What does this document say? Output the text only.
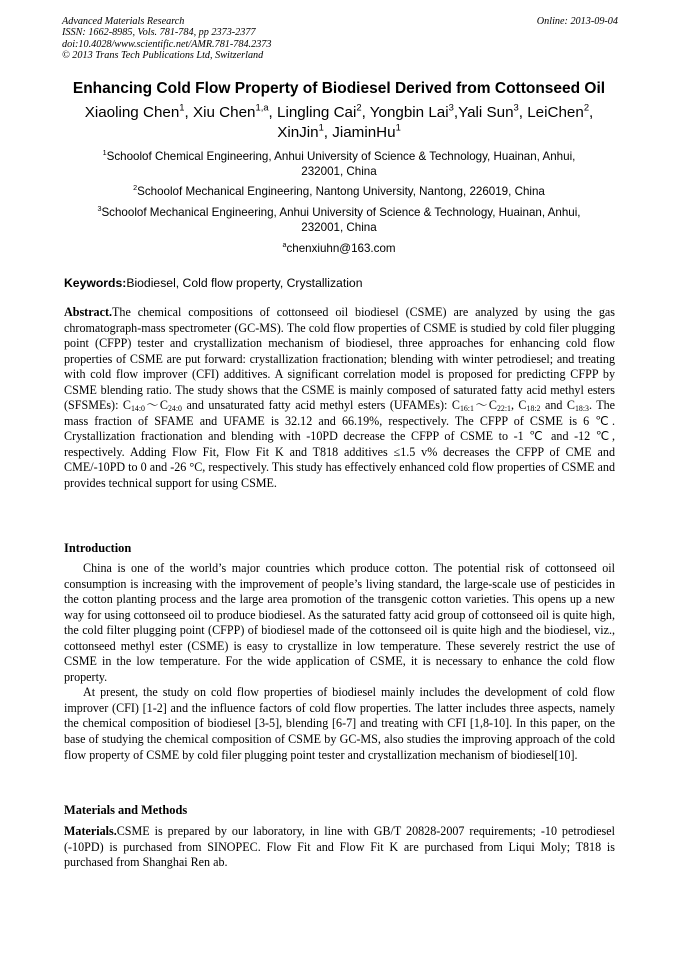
Advanced Materials Research
ISSN: 1662-8985, Vols. 781-784, pp 2373-2377
doi:10.4028/www.scientific.net/AMR.781-784.2373
© 2013 Trans Tech Publications Ltd, Switzerland
Online: 2013-09-04
Enhancing Cold Flow Property of Biodiesel Derived from Cottonseed Oil
Xiaoling Chen$^1$, Xiu Chen$^{1,a}$, Lingling Cai$^2$, Yongbin Lai$^3$,Yali Sun$^3$, LeiChen$^2$,
XinJin$^1$, JiaminHu$^1$
$^1$Schoolof Chemical Engineering, Anhui University of Science & Technology, Huainan, Anhui,
232001, China
$^2$Schoolof Mechanical Engineering, Nantong University, Nantong, 226019, China
$^3$Schoolof Mechanical Engineering, Anhui University of Science & Technology, Huainan, Anhui,
232001, China
$^a$chenxiuhn@163.com
Keywords:Biodiesel, Cold flow property, Crystallization
Abstract.The chemical compositions of cottonseed oil biodiesel (CSME) are analyzed by using the gas chromatograph-mass spectrometer (GC-MS). The cold flow properties of CSME is studied by cold filer plugging point (CFPP) tester and crystallization mechanism of biodiesel, three approaches for enhancing cold flow properties of CSME are put forward: crystallization fractionation; blending with winter petrodiesel; and treating with cold flow improver (CFI) additives. A significant correlation model is proposed for predicting CFPP by CSME blending ratio. The study shows that the CSME is mainly composed of saturated fatty acid methyl esters (SFSMEs): $C_{14:0}\sim C_{24:0}$ and unsaturated fatty acid methyl esters (UFAMEs): $C_{16:1}\sim C_{22:1}$, $C_{18:2}$ and $C_{18:3}$. The mass fraction of SFAME and UFAME is 32.12 and 66.19%, respectively. The CFPP of CSME is 6 ℃. Crystallization fractionation and blending with -10PD decrease the CFPP of CSME to -1 ℃ and -12 ℃, respectively. Adding Flow Fit, Flow Fit K and T818 additives ≤1.5 v% decreases the CFPP of CME and CME/-10PD to 0 and -26 °C, respectively. This study has effectively enhanced cold flow properties of CSME and provides technical support for using CSME.
Introduction
China is one of the world’s major countries which produce cotton. The potential risk of cottonseed oil consumption is increasing with the improvement of people’s living standard, the large-scale use of pesticides in the cotton planting process and the large area promotion of the transgenic cotton varieties. This opens up a new way for using cottonseed oil to produce biodiesel. As the saturated fatty acid group of cottonseed oil is quite high, the cold filter plugging point (CFPP) of biodiesel made of the cottonseed oil is quite high and the biodiesel, viz., cottonseed methyl ester (CSME) is easy to crystallize in low temperature. These severely restrict the use of CSME in the low temperature. For the wide application of CSME, it is necessary to enhance the cold flow property.
At present, the study on cold flow properties of biodiesel mainly includes the development of cold flow improver (CFI) [1-2] and the influence factors of cold flow properties. The latter includes three aspects, namely the chemical composition of biodiesel [3-5], blending [6-7] and treating with CFI [1,8-10]. In this paper, on the base of studying the chemical composition of CSME by GC-MS, also studies the improving approach of the cold flow property of CSME by cold filer plugging point tester and crystallization mechanism of biodiesel[10].
Materials and Methods
Materials.CSME is prepared by our laboratory, in line with GB/T 20828-2007 requirements; -10 petrodiesel (-10PD) is purchased from SINOPEC. Flow Fit and Flow Fit K are purchased from Liqui Moly; T818 is purchased from Shanghai Ren ab.
